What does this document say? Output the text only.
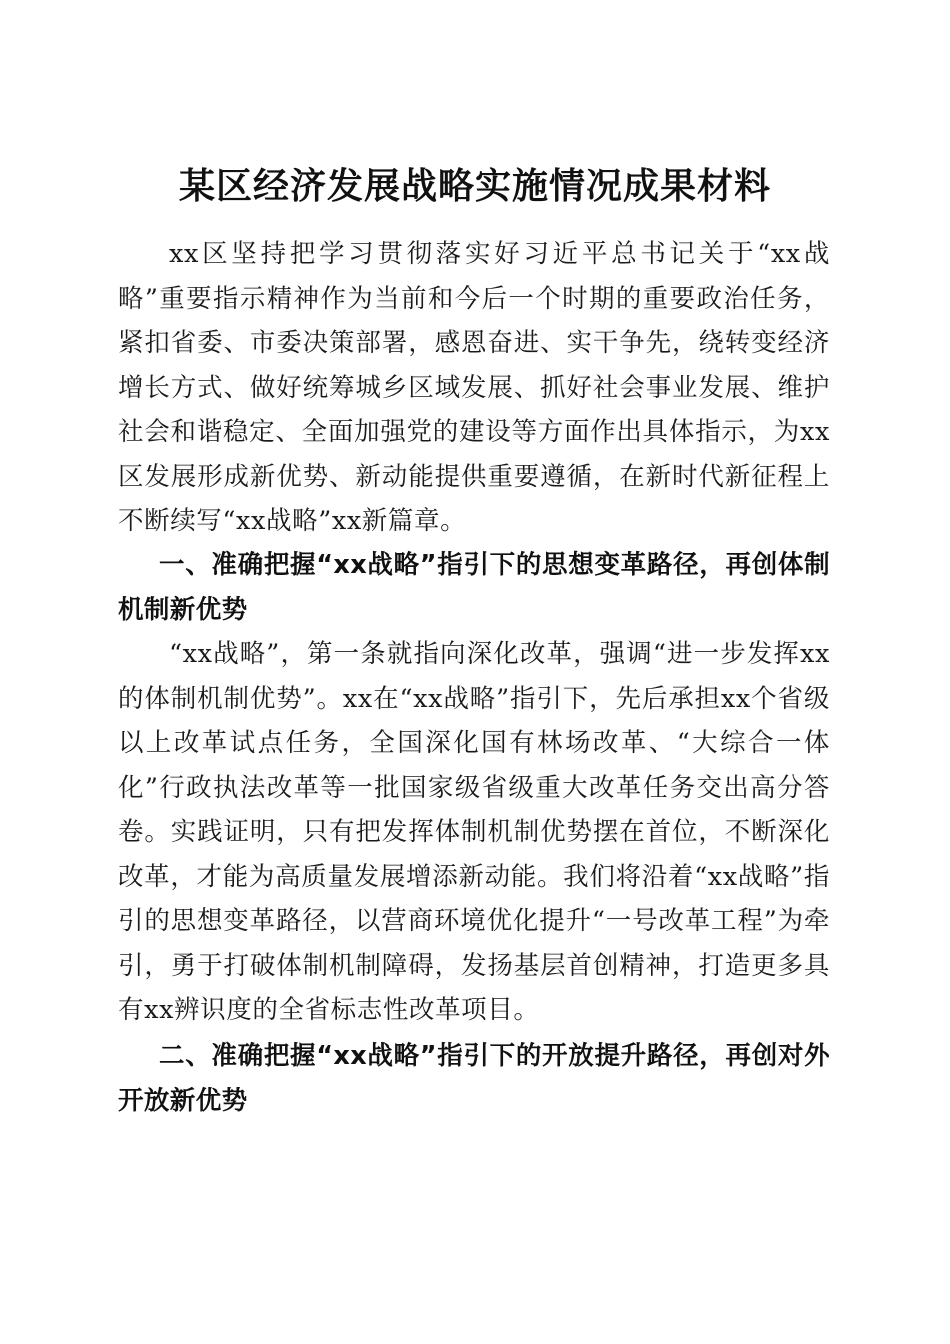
某区经济发展战略实施情况成果材料

xx区坚持把学习贯彻落实好习近平总书记关于“xx战略”重要指示精神作为当前和今后一个时期的重要政治任务，紧扣省委、市委决策部署，感恩奋进、实干争先，绕转变经济增长方式、做好统筹城乡区域发展、抓好社会事业发展、维护社会和谐稳定、全面加强党的建设等方面作出具体指示，为xx区发展形成新优势、新动能提供重要遵循，在新时代新征程上不断续写“xx战略”xx新篇章。

一、准确把握“xx战略”指引下的思想变革路径，再创体制机制新优势

“xx战略”，第一条就指向深化改革，强调“进一步发挥xx的体制机制优势”。xx在“xx战略”指引下，先后承担xx个省级以上改革试点任务，全国深化国有林场改革、“大综合一体化”行政执法改革等一批国家级省级重大改革任务交出高分答卷。实践证明，只有把发挥体制机制优势摆在首位，不断深化改革，才能为高质量发展增添新动能。我们将沿着“xx战略”指引的思想变革路径，以营商环境优化提升“一号改革工程”为牵引，勇于打破体制机制障碍，发扬基层首创精神，打造更多具有xx辨识度的全省标志性改革项目。

二、准确把握“xx战略”指引下的开放提升路径，再创对外开放新优势
